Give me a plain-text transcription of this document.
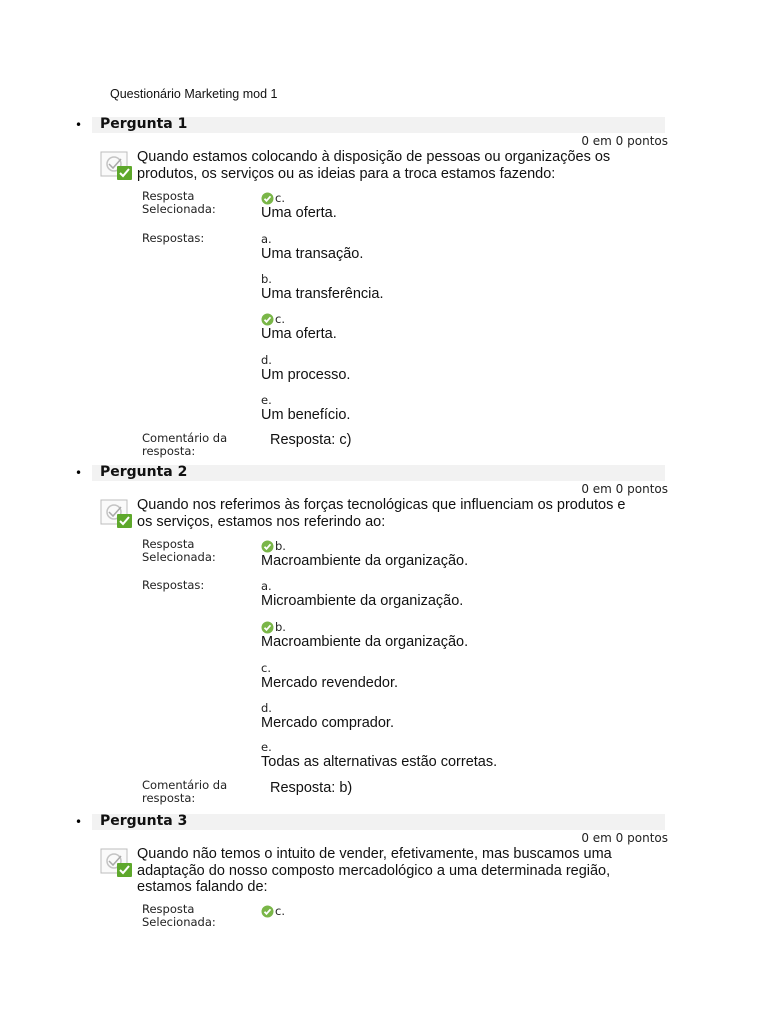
Questionário Marketing mod 1
• Pergunta 1
0 em 0 pontos
Quando estamos colocando à disposição de pessoas ou organizações os produtos, os serviços ou as ideias para a troca estamos fazendo:
Resposta
Selecionada:
c.
Uma oferta.
Respostas:	a.
Uma transação.
b.
Uma transferência.
c.
Uma oferta.
d.
Um processo.
e.
Um benefício.
Comentário da
resposta:
Resposta: c)
• Pergunta 2
0 em 0 pontos
Quando nos referimos às forças tecnológicas que influenciam os produtos e os serviços, estamos nos referindo ao:
Resposta
Selecionada:
b.
Macroambiente da organização.
Respostas:	a.
Microambiente da organização.
b.
Macroambiente da organização.
c.
Mercado revendedor.
d.
Mercado comprador.
e.
Todas as alternativas estão corretas.
Comentário da
resposta:
Resposta: b)
• Pergunta 3
0 em 0 pontos
Quando não temos o intuito de vender, efetivamente, mas buscamos uma adaptação do nosso composto mercadológico a uma determinada região, estamos falando de:
Resposta
Selecionada:
c.
